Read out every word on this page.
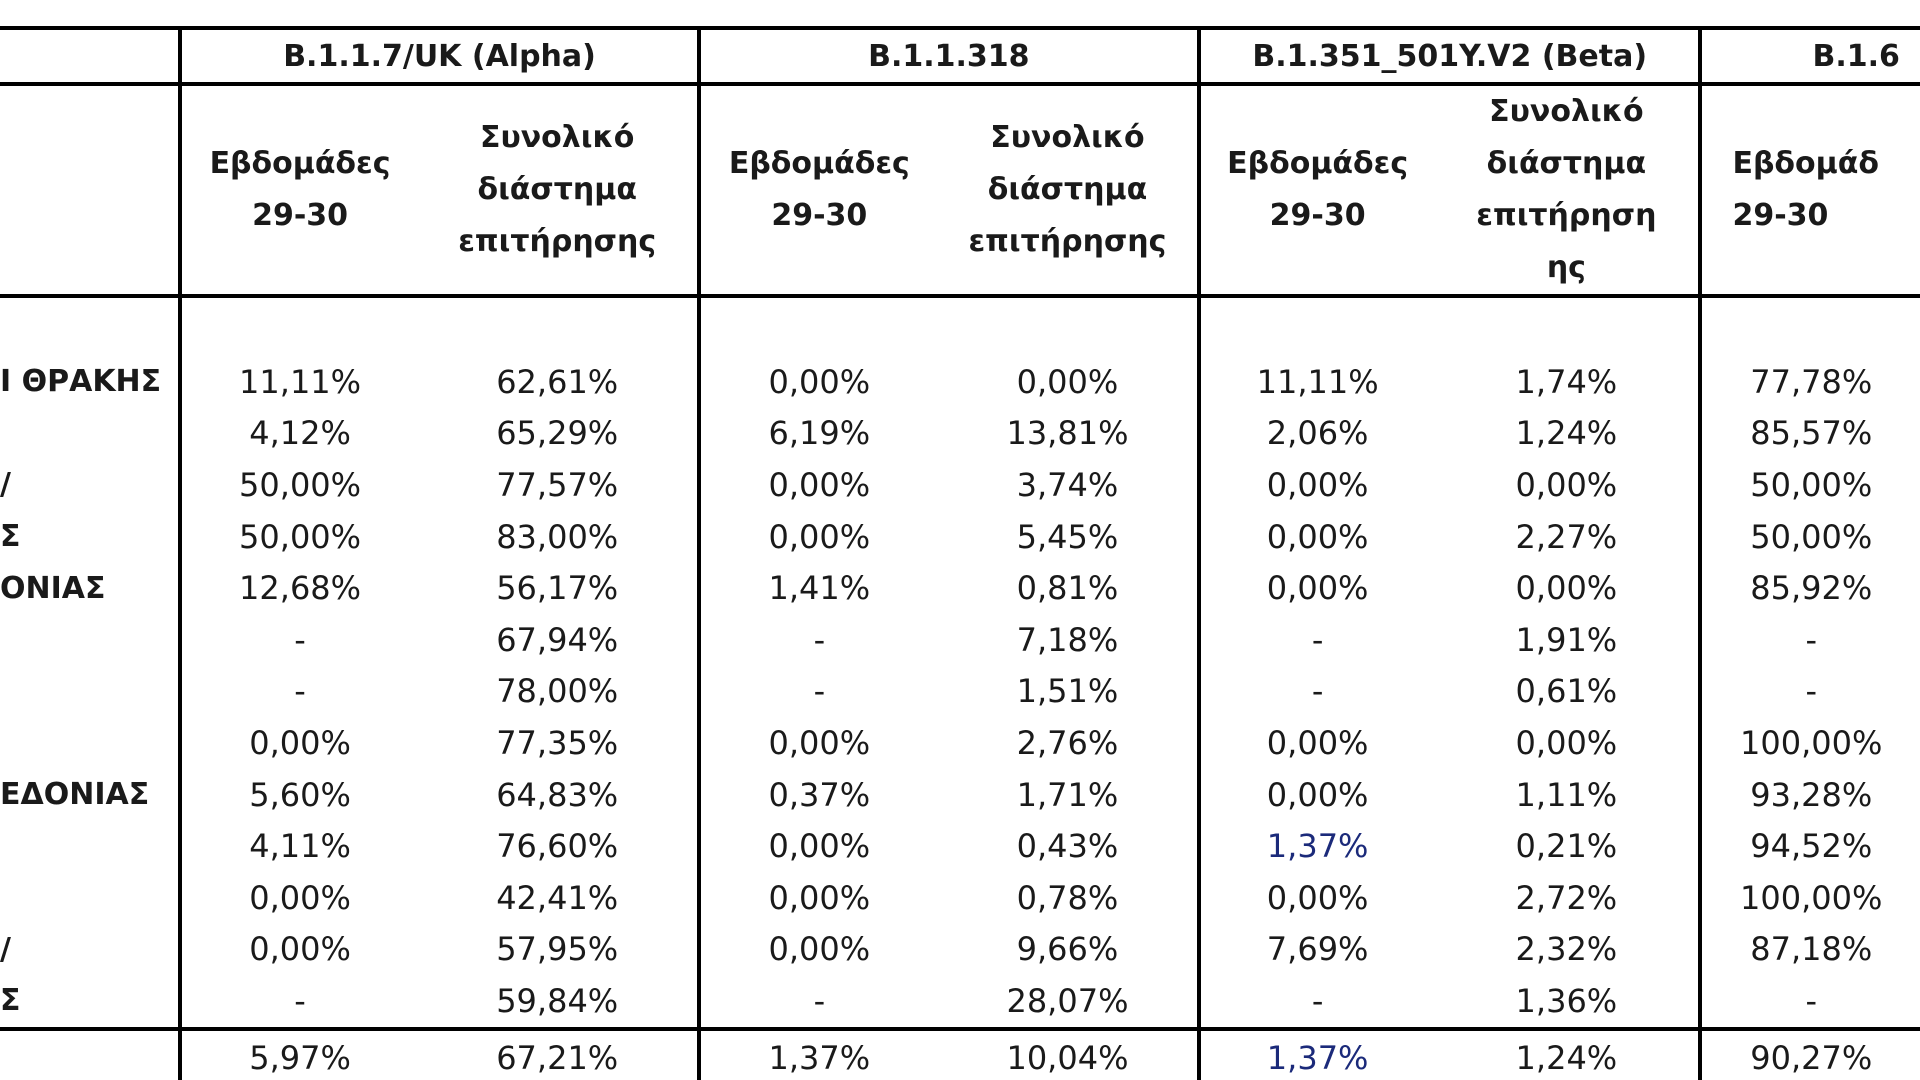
	B.1.1.7/UK (Alpha)		B.1.1.318		B.1.351_501Y.V2 (Beta)		B.1.6
	Εβδομάδες 29-30	Συνολικό διάστημα επιτήρησης	Εβδομάδες 29-30	Συνολικό διάστημα επιτήρησης	Εβδομάδες 29-30	Συνολικό διάστημα επιτήρηση ης	Εβδομάδ 29-30

Ι ΘΡΑΚΗΣ	11,11%	62,61%	0,00%	0,00%	11,11%	1,74%	77,78%
	4,12%	65,29%	6,19%	13,81%	2,06%	1,24%	85,57%
/	50,00%	77,57%	0,00%	3,74%	0,00%	0,00%	50,00%
Σ	50,00%	83,00%	0,00%	5,45%	0,00%	2,27%	50,00%
ΟΝΙΑΣ	12,68%	56,17%	1,41%	0,81%	0,00%	0,00%	85,92%
	-	67,94%	-	7,18%	-	1,91%	-
	-	78,00%	-	1,51%	-	0,61%	-
	0,00%	77,35%	0,00%	2,76%	0,00%	0,00%	100,00%
ΕΔΟΝΙΑΣ	5,60%	64,83%	0,37%	1,71%	0,00%	1,11%	93,28%
	4,11%	76,60%	0,00%	0,43%	1,37%	0,21%	94,52%
	0,00%	42,41%	0,00%	0,78%	0,00%	2,72%	100,00%
/	0,00%	57,95%	0,00%	9,66%	7,69%	2,32%	87,18%
Σ	-	59,84%	-	28,07%	-	1,36%	-
	5,97%	67,21%	1,37%	10,04%	1,37%	1,24%	90,27%
